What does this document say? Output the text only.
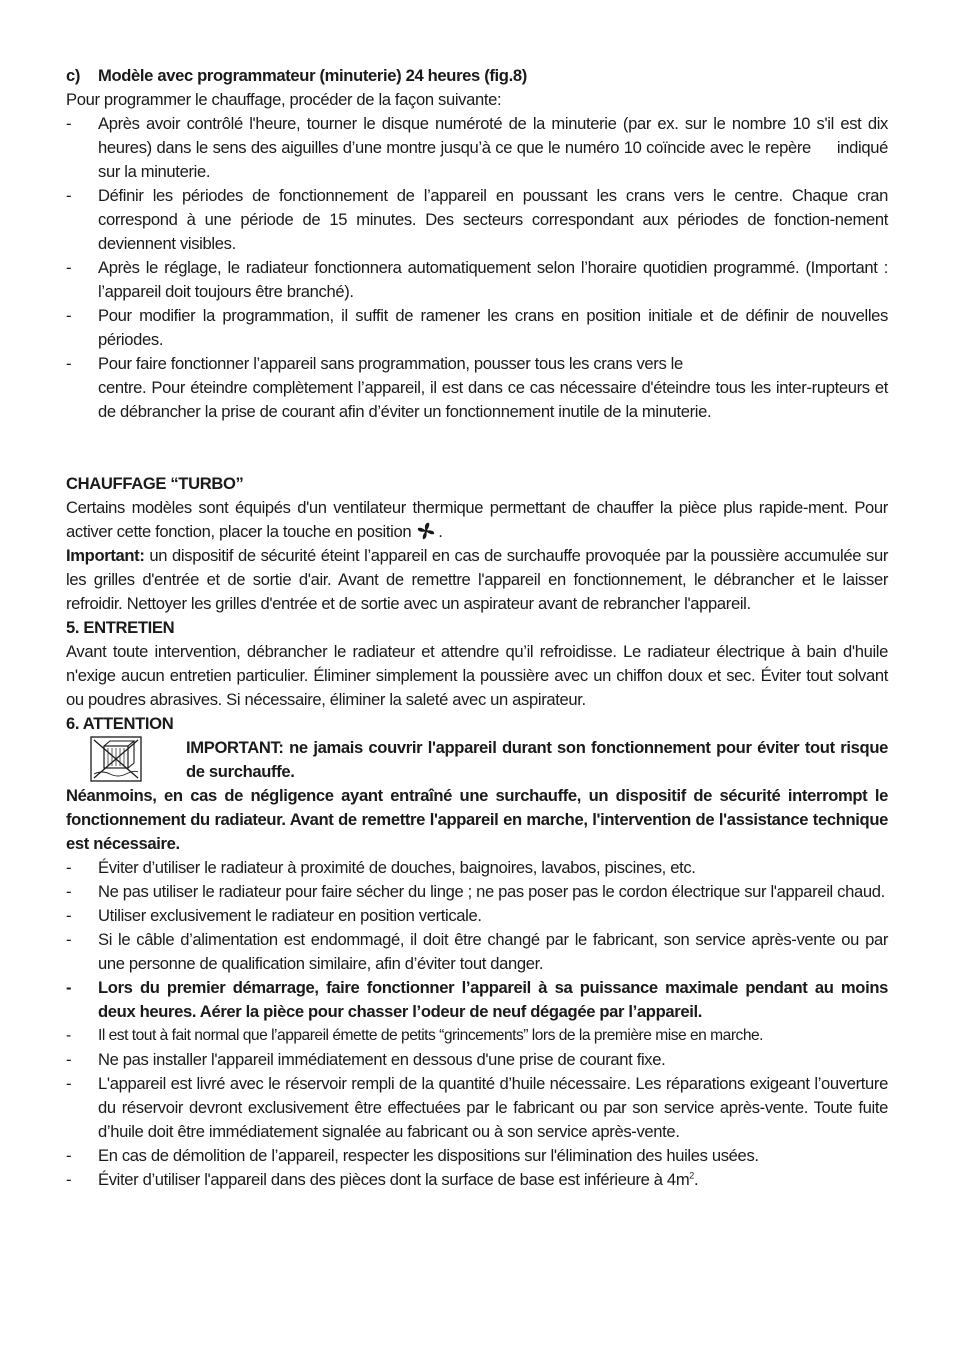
c)	Modèle avec programmateur (minuterie) 24 heures (fig.8)

Pour programmer le chauffage, procéder de la façon suivante:

- Après avoir contrôlé l'heure, tourner le disque numéroté de la minuterie (par ex. sur le nombre 10 s'il est dix heures) dans le sens des aiguilles d’une montre jusqu’à ce que le numéro 10 coïncide avec le repère indiqué sur la minuterie.
- Définir les périodes de fonctionnement de l’appareil en poussant les crans vers le centre. Chaque cran correspond à une période de 15 minutes. Des secteurs correspondant aux périodes de fonction-nement deviennent visibles.
- Après le réglage, le radiateur fonctionnera automatiquement selon l’horaire quotidien programmé. (Important : l’appareil doit toujours être branché).
- Pour modifier la programmation, il suffit de ramener les crans en position initiale et de définir de nouvelles périodes.
- Pour faire fonctionner l’appareil sans programmation, pousser tous les crans vers le

centre. Pour éteindre complètement l’appareil, il est dans ce cas nécessaire d'éteindre tous les inter-rupteurs et de débrancher la prise de courant afin d’éviter un fonctionnement inutile de la minuterie.

CHAUFFAGE “TURBO”

Certains modèles sont équipés d'un ventilateur thermique permettant de chauffer la pièce plus rapide-ment. Pour activer cette fonction, placer la touche en position .

Important: un dispositif de sécurité éteint l’appareil en cas de surchauffe provoquée par la poussière accumulée sur les grilles d'entrée et de sortie d'air. Avant de remettre l'appareil en fonctionnement, le débrancher et le laisser refroidir. Nettoyer les grilles d'entrée et de sortie avec un aspirateur avant de rebrancher l'appareil.

5. ENTRETIEN

Avant toute intervention, débrancher le radiateur et attendre qu’il refroidisse. Le radiateur électrique à bain d'huile n'exige aucun entretien particulier. Éliminer simplement la poussière avec un chiffon doux et sec. Éviter tout solvant ou poudres abrasives. Si nécessaire, éliminer la saleté avec un aspirateur.

6. ATTENTION

IMPORTANT: ne jamais couvrir l'appareil durant son fonctionnement pour éviter tout risque de surchauffe.

Néanmoins, en cas de négligence ayant entraîné une surchauffe, un dispositif de sécurité interrompt le fonctionnement du radiateur. Avant de remettre l'appareil en marche, l'intervention de l'assistance technique est nécessaire.

- Éviter d’utiliser le radiateur à proximité de douches, baignoires, lavabos, piscines, etc.
- Ne pas utiliser le radiateur pour faire sécher du linge ; ne pas poser pas le cordon électrique sur l'appareil chaud.
- Utiliser exclusivement le radiateur en position verticale.
- Si le câble d’alimentation est endommagé, il doit être changé par le fabricant, son service après-vente ou par une personne de qualification similaire, afin d’éviter tout danger.
- Lors du premier démarrage, faire fonctionner l’appareil à sa puissance maximale pendant au moins deux heures. Aérer la pièce pour chasser l’odeur de neuf dégagée par l’appareil.
- Il est tout à fait normal que l’appareil émette de petits “grincements” lors de la première mise en marche.
- Ne pas installer l'appareil immédiatement en dessous d'une prise de courant fixe.
- L'appareil est livré avec le réservoir rempli de la quantité d’huile nécessaire. Les réparations exigeant l’ouverture du réservoir devront exclusivement être effectuées par le fabricant ou par son service après-vente. Toute fuite d’huile doit être immédiatement signalée au fabricant ou à son service après-vente.
- En cas de démolition de l’appareil, respecter les dispositions sur l'élimination des huiles usées.
- Éviter d’utiliser l'appareil dans des pièces dont la surface de base est inférieure à $4m^2$.
